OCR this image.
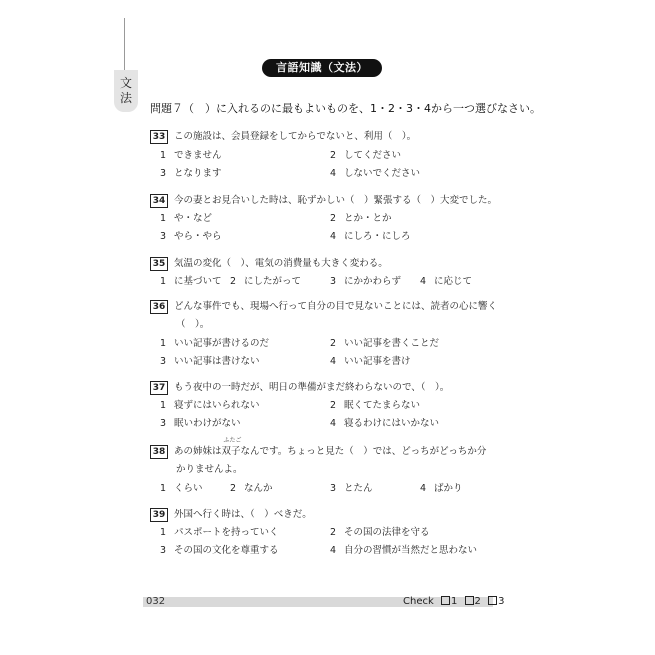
文
法
言語知識（文法）
問題７（　）に入れるのに最もよいものを、1・2・3・4から一つ選びなさい。
33 この施設は、会員登録をしてからでないと、利用（　）。
1 できません	2 してください
3 となります	4 しないでください
34 今の妻とお見合いした時は、恥ずかしい（　）緊張する（　）大変でした。
1 や・など	2 とか・とか
3 やら・やら	4 にしろ・にしろ
35 気温の変化（　）、電気の消費量も大きく変わる。
1 に基づいて 2 にしたがって	3 にかかわらず 4 に応じて
36 どんな事件でも、現場へ行って自分の目で見ないことには、読者の心に響く
（　）。
1 いい記事が書けるのだ	2 いい記事を書くことだ
3 いい記事は書けない	4 いい記事を書け
37 もう夜中の一時だが、明日の準備がまだ終わらないので、（　）。
1 寝ずにはいられない	2 眠くてたまらない
3 眠いわけがない	4 寝るわけにはいかない
38 あの姉妹は
ふたご
双子なんです。ちょっと見た（　）では、どっちがどっちか分
かりませんよ。
1 くらい	2 なんか	3 とたん	4 ばかり
39 外国へ行く時は、（　）べきだ。
1 パスポートを持っていく	2 その国の法律を守る
3 その国の文化を尊重する	4 自分の習慣が当然だと思わない
032	Check 1 2 3
